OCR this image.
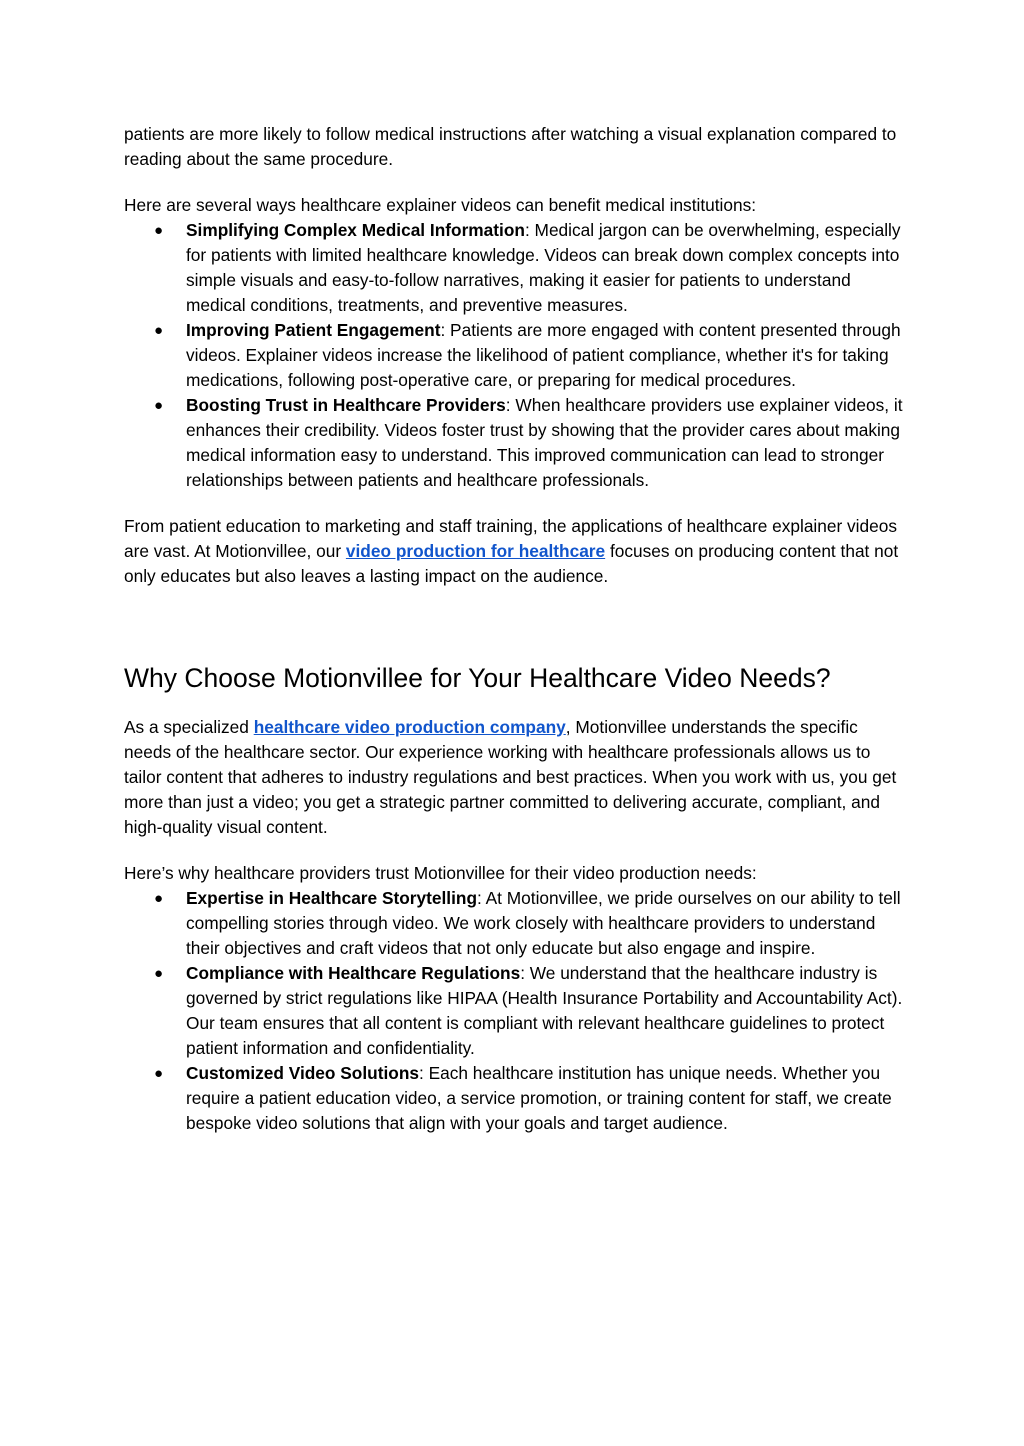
patients are more likely to follow medical instructions after watching a visual explanation compared to reading about the same procedure.

Here are several ways healthcare explainer videos can benefit medical institutions:

● Simplifying Complex Medical Information: Medical jargon can be overwhelming, especially for patients with limited healthcare knowledge. Videos can break down complex concepts into simple visuals and easy-to-follow narratives, making it easier for patients to understand medical conditions, treatments, and preventive measures.
● Improving Patient Engagement: Patients are more engaged with content presented through videos. Explainer videos increase the likelihood of patient compliance, whether it's for taking medications, following post-operative care, or preparing for medical procedures.
● Boosting Trust in Healthcare Providers: When healthcare providers use explainer videos, it enhances their credibility. Videos foster trust by showing that the provider cares about making medical information easy to understand. This improved communication can lead to stronger relationships between patients and healthcare professionals.

From patient education to marketing and staff training, the applications of healthcare explainer videos are vast. At Motionvillee, our video production for healthcare focuses on producing content that not only educates but also leaves a lasting impact on the audience.

Why Choose Motionvillee for Your Healthcare Video Needs?

As a specialized healthcare video production company, Motionvillee understands the specific needs of the healthcare sector. Our experience working with healthcare professionals allows us to tailor content that adheres to industry regulations and best practices. When you work with us, you get more than just a video; you get a strategic partner committed to delivering accurate, compliant, and high-quality visual content.

Here’s why healthcare providers trust Motionvillee for their video production needs:

● Expertise in Healthcare Storytelling: At Motionvillee, we pride ourselves on our ability to tell compelling stories through video. We work closely with healthcare providers to understand their objectives and craft videos that not only educate but also engage and inspire.
● Compliance with Healthcare Regulations: We understand that the healthcare industry is governed by strict regulations like HIPAA (Health Insurance Portability and Accountability Act). Our team ensures that all content is compliant with relevant healthcare guidelines to protect patient information and confidentiality.
● Customized Video Solutions: Each healthcare institution has unique needs. Whether you require a patient education video, a service promotion, or training content for staff, we create bespoke video solutions that align with your goals and target audience.
